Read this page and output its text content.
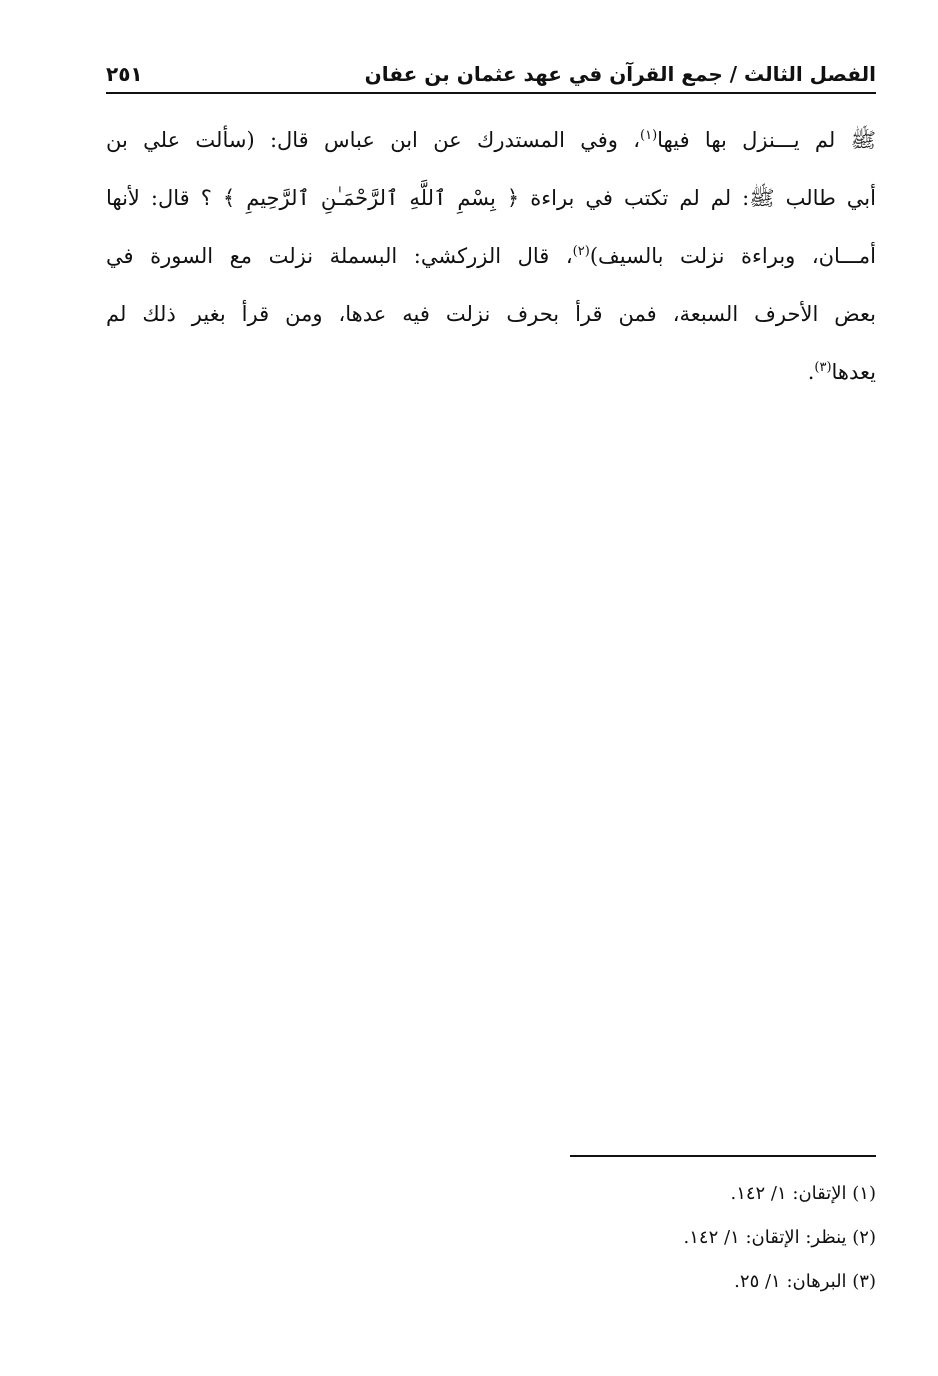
الفصل الثالث / جمع القرآن في عهد عثمان بن عفان
٢٥١
ﷺ لم يـــنزل بها فيها$^{(١)}$، وفي المستدرك عن ابن عباس قال: (سألت علي بن
أبي طالب ﷺ: لم لم تكتب في براءة ﴿ بِسْمِ ٱللَّهِ ٱلرَّحْمَـٰنِ ٱلرَّحِيمِ ﴾ ؟ قال: لأنها
أمـــان، وبراءة نزلت بالسيف)$^{(٢)}$، قال الزركشي: البسملة نزلت مع السورة في
بعض الأحرف السبعة، فمن قرأ بحرف نزلت فيه عدها، ومن قرأ بغير ذلك لم
يعدها$^{(٣)}$.
(١) الإتقان: ١/ ١٤٢.
(٢) ينظر: الإتقان: ١/ ١٤٢.
(٣) البرهان: ١/ ٢٥.
